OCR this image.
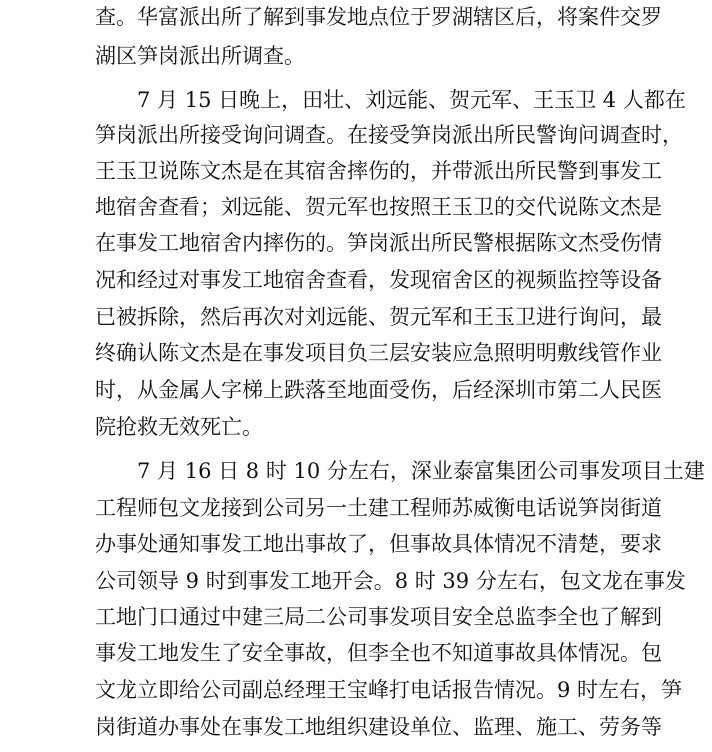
查。华富派出所了解到事发地点位于罗湖辖区后，将案件交罗
湖区笋岗派出所调查。
7 月 15 日晚上，田壮、刘远能、贺元军、王玉卫 4 人都在
笋岗派出所接受询问调查。在接受笋岗派出所民警询问调查时，
王玉卫说陈文杰是在其宿舍摔伤的，并带派出所民警到事发工
地宿舍查看；刘远能、贺元军也按照王玉卫的交代说陈文杰是
在事发工地宿舍内摔伤的。笋岗派出所民警根据陈文杰受伤情
况和经过对事发工地宿舍查看，发现宿舍区的视频监控等设备
已被拆除，然后再次对刘远能、贺元军和王玉卫进行询问，最
终确认陈文杰是在事发项目负三层安装应急照明明敷线管作业
时，从金属人字梯上跌落至地面受伤，后经深圳市第二人民医
院抢救无效死亡。
7 月 16 日 8 时 10 分左右，深业泰富集团公司事发项目土建
工程师包文龙接到公司另一土建工程师苏威衡电话说笋岗街道
办事处通知事发工地出事故了，但事故具体情况不清楚，要求
公司领导 9 时到事发工地开会。8 时 39 分左右，包文龙在事发
工地门口通过中建三局二公司事发项目安全总监李全也了解到
事发工地发生了安全事故，但李全也不知道事故具体情况。包
文龙立即给公司副总经理王宝峰打电话报告情况。9 时左右，笋
岗街道办事处在事发工地组织建设单位、监理、施工、劳务等
